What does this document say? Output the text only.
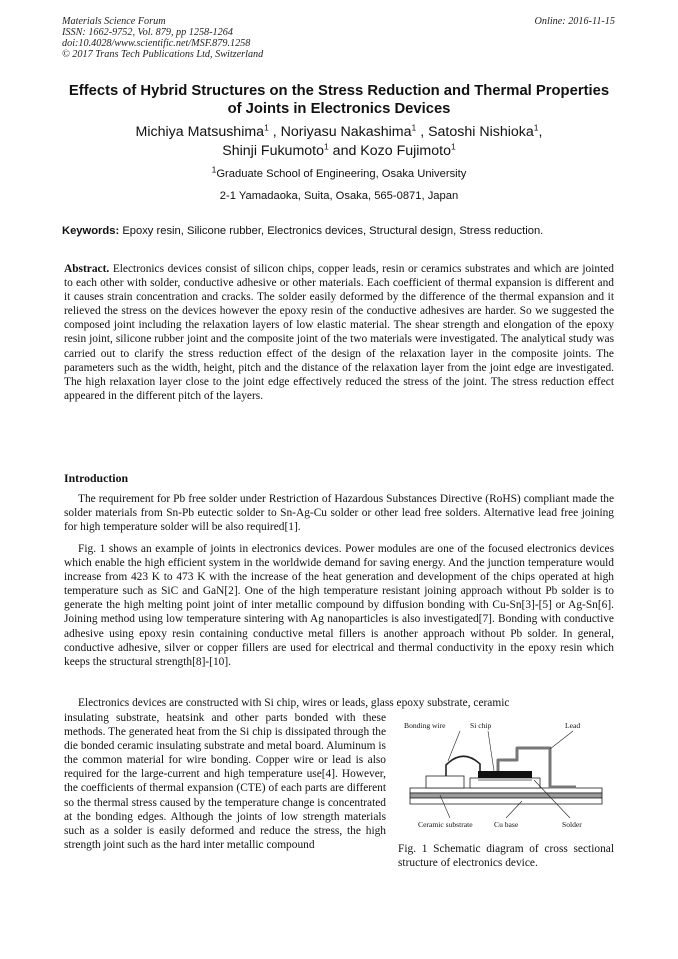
Materials Science Forum
ISSN: 1662-9752, Vol. 879, pp 1258-1264
doi:10.4028/www.scientific.net/MSF.879.1258
© 2017 Trans Tech Publications Ltd, Switzerland
Online: 2016-11-15
Effects of Hybrid Structures on the Stress Reduction and Thermal Properties of Joints in Electronics Devices
Michiya Matsushima$^1$ , Noriyasu Nakashima$^1$ , Satoshi Nishioka$^1$,
Shinji Fukumoto$^1$ and Kozo Fujimoto$^1$
$^1$Graduate School of Engineering, Osaka University
2-1 Yamadaoka, Suita, Osaka, 565-0871, Japan
Keywords: Epoxy resin, Silicone rubber, Electronics devices, Structural design, Stress reduction.

Abstract. Electronics devices consist of silicon chips, copper leads, resin or ceramics substrates and which are jointed to each other with solder, conductive adhesive or other materials. Each coefficient of thermal expansion is different and it causes strain concentration and cracks. The solder easily deformed by the difference of the thermal expansion and it relieved the stress on the devices however the epoxy resin of the conductive adhesives are harder. So we suggested the composed joint including the relaxation layers of low elastic material. The shear strength and elongation of the epoxy resin joint, silicone rubber joint and the composite joint of the two materials were investigated. The analytical study was carried out to clarify the stress reduction effect of the design of the relaxation layer in the composite joints. The parameters such as the width, height, pitch and the distance of the relaxation layer from the joint edge are investigated. The high relaxation layer close to the joint edge effectively reduced the stress of the joint. The stress reduction effect appeared in the different pitch of the layers.

Introduction

The requirement for Pb free solder under Restriction of Hazardous Substances Directive (RoHS) compliant made the solder materials from Sn-Pb eutectic solder to Sn-Ag-Cu solder or other lead free solders. Alternative lead free joining for high temperature solder will be also required[1].

Fig. 1 shows an example of joints in electronics devices. Power modules are one of the focused electronics devices which enable the high efficient system in the worldwide demand for saving energy. And the junction temperature would increase from 423 K to 473 K with the increase of the heat generation and development of the chips operated at high temperature such as SiC and GaN[2]. One of the high temperature resistant joining approach without Pb solder is to generate the high melting point joint of inter metallic compound by diffusion bonding with Cu-Sn[3]-[5] or Ag-Sn[6]. Joining method using low temperature sintering with Ag nanoparticles is also investigated[7]. Bonding with conductive adhesive using epoxy resin containing conductive metal fillers is another approach without Pb solder. In general, conductive adhesive, silver or copper fillers are used for electrical and thermal conductivity in the epoxy resin which keeps the structural strength[8]-[10].

Electronics devices are constructed with Si chip, wires or leads, glass epoxy substrate, ceramic

insulating substrate, heatsink and other parts bonded with these methods. The generated heat from the Si chip is dissipated through the die bonded ceramic insulating substrate and metal board. Aluminum is the common material for wire bonding. Copper wire or lead is also required for the large-current and high temperature use[4]. However, the coefficients of thermal expansion (CTE) of each parts are different so the thermal stress caused by the temperature change is concentrated at the bonding edges. Although the joints of low strength materials such as a solder is easily deformed and reduce the stress, the high strength joint such as the hard inter metallic compound

Bonding wire	Si chip	Lead
Ceramic substrate	Cu base	Solder

Fig. 1 Schematic diagram of cross sectional structure of electronics device.
